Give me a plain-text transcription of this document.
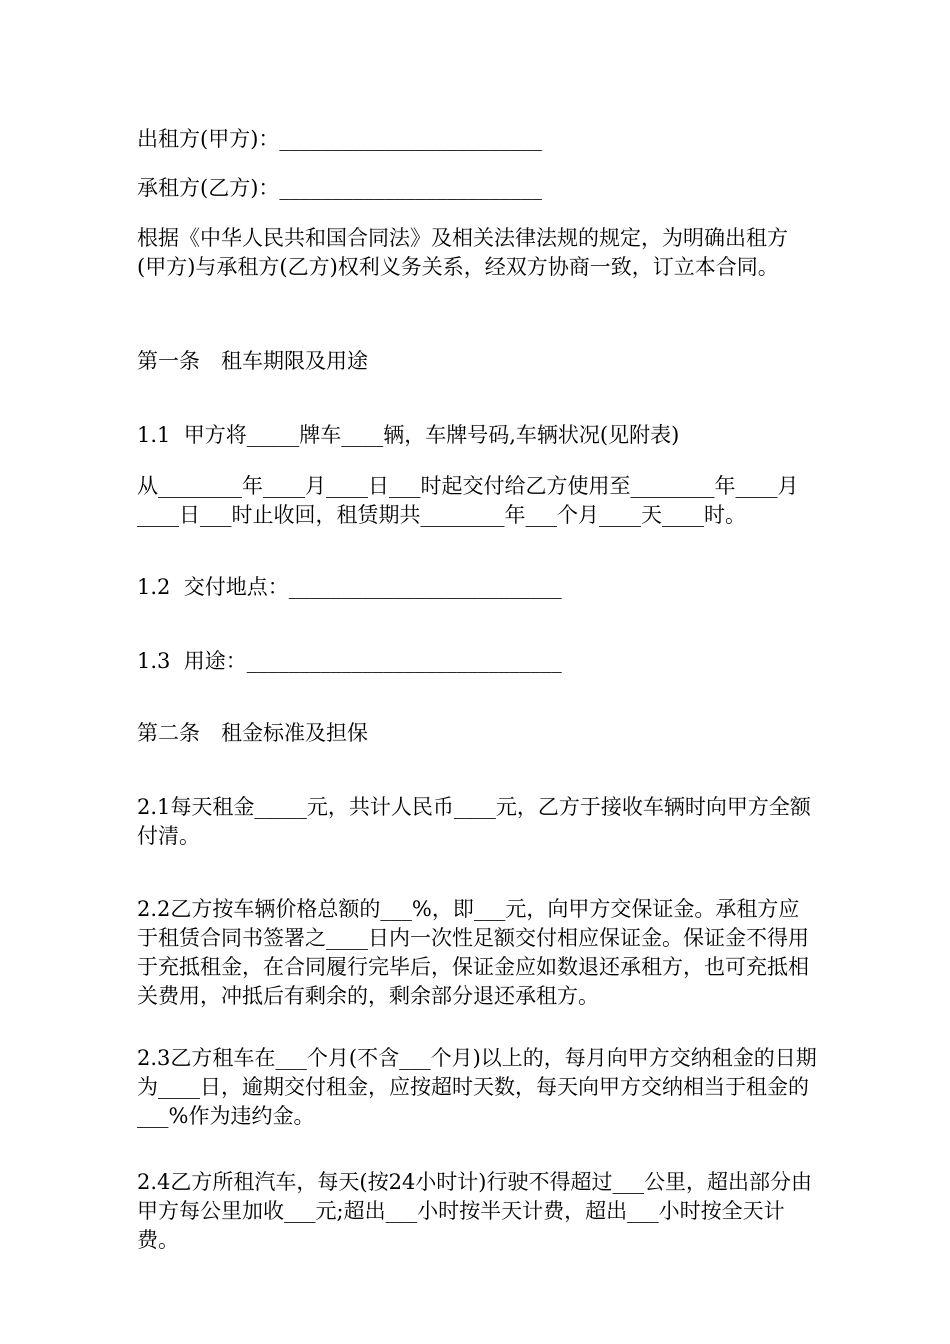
出租方(甲方)：_________________________

承租方(乙方)：_________________________

根据《中华人民共和国合同法》及相关法律法规的规定，为明确出租方(甲方)与承租方(乙方)权利义务关系，经双方协商一致，订立本合同。

第一条　租车期限及用途

1.1  甲方将_____牌车____辆，车牌号码,车辆状况(见附表)

从________年____月____日___时起交付给乙方使用至________年____月____日___时止收回，租赁期共________年___个月____天____时。

1.2  交付地点：__________________________

1.3  用途：______________________________

第二条　租金标准及担保

2.1每天租金_____元，共计人民币____元，乙方于接收车辆时向甲方全额付清。

2.2乙方按车辆价格总额的___%，即___元，向甲方交保证金。承租方应于租赁合同书签署之____日内一次性足额交付相应保证金。保证金不得用于充抵租金，在合同履行完毕后，保证金应如数退还承租方，也可充抵相关费用，冲抵后有剩余的，剩余部分退还承租方。

2.3乙方租车在___个月(不含___个月)以上的，每月向甲方交纳租金的日期为____日，逾期交付租金，应按超时天数，每天向甲方交纳相当于租金的___%作为违约金。

2.4乙方所租汽车，每天(按24小时计)行驶不得超过___公里，超出部分由甲方每公里加收___元;超出___小时按半天计费，超出___小时按全天计费。
